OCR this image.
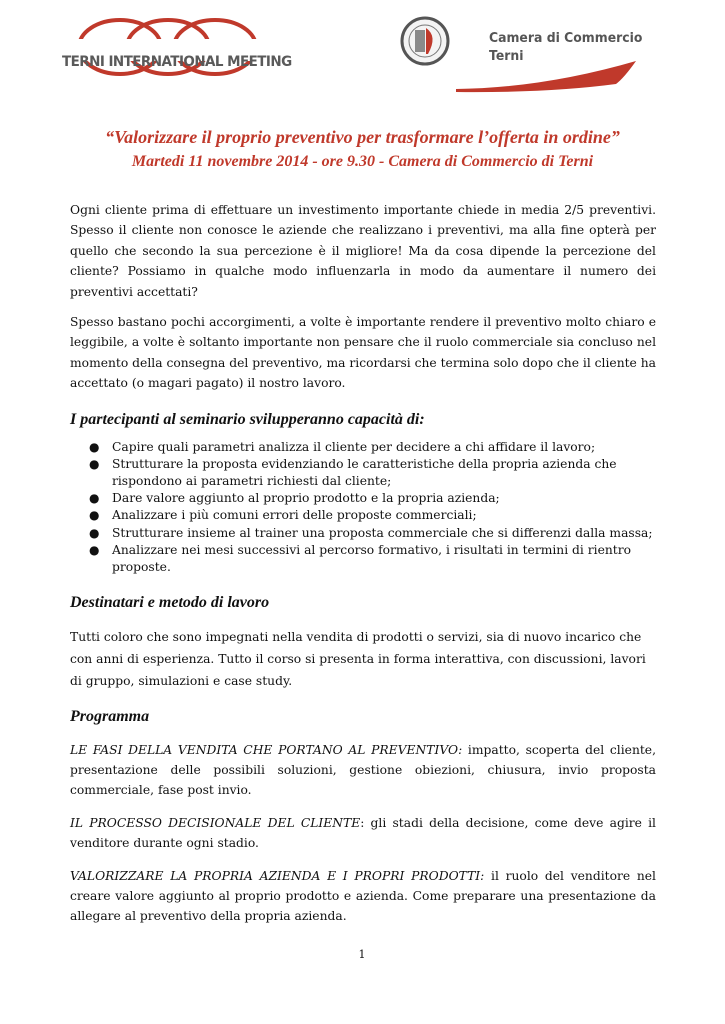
TERNI INTERNATIONAL MEETING
Camera di Commercio
Terni
“Valorizzare il proprio preventivo per trasformare l’offerta in ordine”
Martedi 11 novembre 2014 - ore 9.30 - Camera di Commercio di Terni

Ogni cliente prima di effettuare un investimento importante chiede in media 2/5 preventivi. Spesso il cliente non conosce le aziende che realizzano i preventivi, ma alla fine opterà per quello che secondo la sua percezione è il migliore! Ma da cosa dipende la percezione del cliente? Possiamo in qualche modo influenzarla in modo da aumentare il numero dei preventivi accettati?

Spesso bastano pochi accorgimenti, a volte è importante rendere il preventivo molto chiaro e leggibile, a volte è soltanto importante non pensare che il ruolo commerciale sia concluso nel momento della consegna del preventivo, ma ricordarsi che termina solo dopo che il cliente ha accettato (o magari pagato) il nostro lavoro.

I partecipanti al seminario svilupperanno capacità di:
● Capire quali parametri analizza il cliente per decidere a chi affidare il lavoro;
● Strutturare la proposta evidenziando le caratteristiche della propria azienda che rispondono ai parametri richiesti dal cliente;
● Dare valore aggiunto al proprio prodotto e la propria azienda;
● Analizzare i più comuni errori delle proposte commerciali;
● Strutturare insieme al trainer una proposta commerciale che si differenzi dalla massa;
● Analizzare nei mesi successivi al percorso formativo, i risultati in termini di rientro proposte.
Destinatari e metodo di lavoro

Tutti coloro che sono impegnati nella vendita di prodotti o servizi, sia di nuovo incarico che con anni di esperienza. Tutto il corso si presenta in forma interattiva, con discussioni, lavori di gruppo, simulazioni e case study.

Programma

LE FASI DELLA VENDITA CHE PORTANO AL PREVENTIVO: impatto, scoperta del cliente, presentazione delle possibili soluzioni, gestione obiezioni, chiusura, invio proposta commerciale, fase post invio.

IL PROCESSO DECISIONALE DEL CLIENTE: gli stadi della decisione, come deve agire il venditore durante ogni stadio.

VALORIZZARE LA PROPRIA AZIENDA E I PROPRI PRODOTTI: il ruolo del venditore nel creare valore aggiunto al proprio prodotto e azienda. Come preparare una presentazione da allegare al preventivo della propria azienda.

1
